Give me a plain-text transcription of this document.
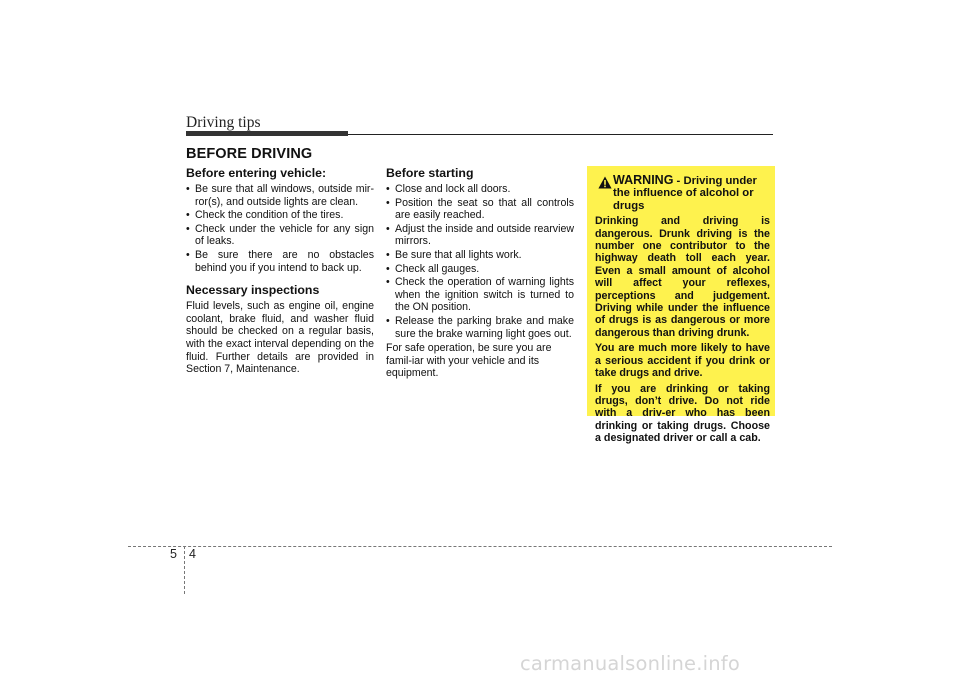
Driving tips
BEFORE DRIVING
Before entering vehicle:
• Be sure that all windows, outside mir-ror(s), and outside lights are clean.
• Check the condition of the tires.
• Check under the vehicle for any sign of leaks.
• Be sure there are no obstacles behind you if you intend to back up.
Necessary inspections

Fluid levels, such as engine oil, engine coolant, brake fluid, and washer fluid should be checked on a regular basis, with the exact interval depending on the fluid. Further details are provided in Section 7, Maintenance.

Before starting
• Close and lock all doors.
• Position the seat so that all controls are easily reached.
• Adjust the inside and outside rearview mirrors.
• Be sure that all lights work.
• Check all gauges.
• Check the operation of warning lights when the ignition switch is turned to the ON position.
• Release the parking brake and make sure the brake warning light goes out.

For safe operation, be sure you are famil-iar with your vehicle and its equipment.

WARNING - Driving under the influence of alcohol or drugs

Drinking and driving is dangerous. Drunk driving is the number one contributor to the highway death toll each year. Even a small amount of alcohol will affect your reflexes, perceptions and judgement. Driving while under the influence of drugs is as dangerous or more dangerous than driving drunk.

You are much more likely to have a serious accident if you drink or take drugs and drive.

If you are drinking or taking drugs, don’t drive. Do not ride with a driv-er who has been drinking or taking drugs. Choose a designated driver or call a cab.

5 4
carmanualsonline.info
